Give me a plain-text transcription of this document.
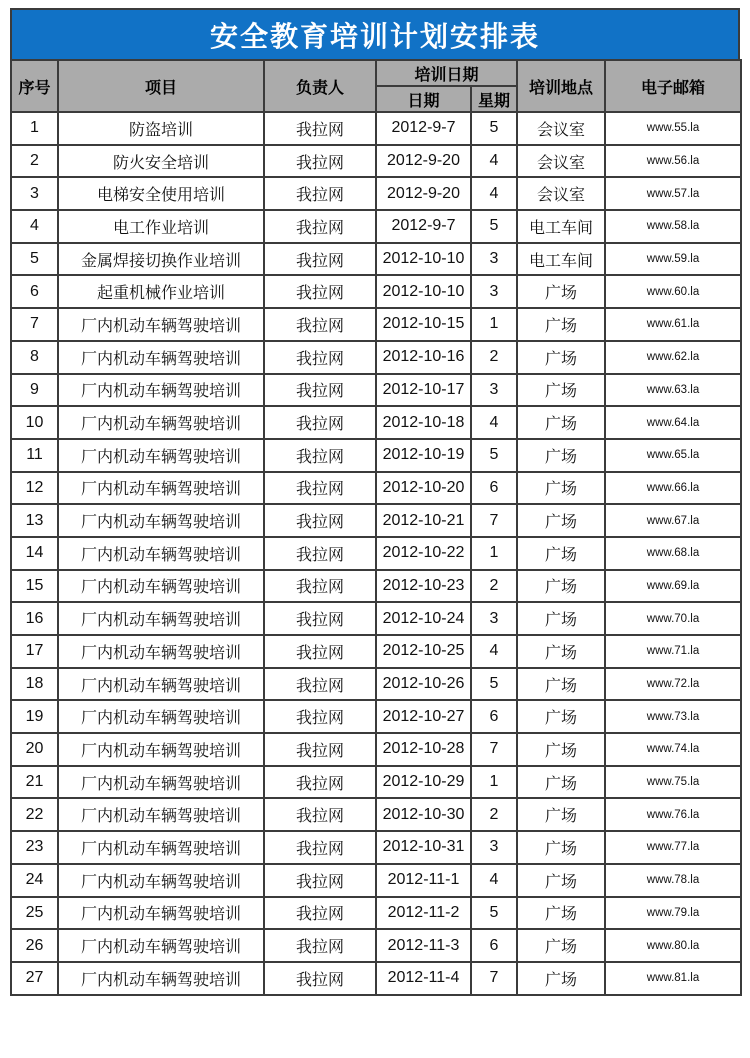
安全教育培训计划安排表
序号	项目	负责人	培训日期		培训地点	电子邮箱
			日期	星期		
1	防盗培训	我拉网	2012-9-7	5	会议室	www.55.la
2	防火安全培训	我拉网	2012-9-20	4	会议室	www.56.la
3	电梯安全使用培训	我拉网	2012-9-20	4	会议室	www.57.la
4	电工作业培训	我拉网	2012-9-7	5	电工车间	www.58.la
5	金属焊接切换作业培训	我拉网	2012-10-10	3	电工车间	www.59.la
6	起重机械作业培训	我拉网	2012-10-10	3	广场	www.60.la
7	厂内机动车辆驾驶培训	我拉网	2012-10-15	1	广场	www.61.la
8	厂内机动车辆驾驶培训	我拉网	2012-10-16	2	广场	www.62.la
9	厂内机动车辆驾驶培训	我拉网	2012-10-17	3	广场	www.63.la
10	厂内机动车辆驾驶培训	我拉网	2012-10-18	4	广场	www.64.la
11	厂内机动车辆驾驶培训	我拉网	2012-10-19	5	广场	www.65.la
12	厂内机动车辆驾驶培训	我拉网	2012-10-20	6	广场	www.66.la
13	厂内机动车辆驾驶培训	我拉网	2012-10-21	7	广场	www.67.la
14	厂内机动车辆驾驶培训	我拉网	2012-10-22	1	广场	www.68.la
15	厂内机动车辆驾驶培训	我拉网	2012-10-23	2	广场	www.69.la
16	厂内机动车辆驾驶培训	我拉网	2012-10-24	3	广场	www.70.la
17	厂内机动车辆驾驶培训	我拉网	2012-10-25	4	广场	www.71.la
18	厂内机动车辆驾驶培训	我拉网	2012-10-26	5	广场	www.72.la
19	厂内机动车辆驾驶培训	我拉网	2012-10-27	6	广场	www.73.la
20	厂内机动车辆驾驶培训	我拉网	2012-10-28	7	广场	www.74.la
21	厂内机动车辆驾驶培训	我拉网	2012-10-29	1	广场	www.75.la
22	厂内机动车辆驾驶培训	我拉网	2012-10-30	2	广场	www.76.la
23	厂内机动车辆驾驶培训	我拉网	2012-10-31	3	广场	www.77.la
24	厂内机动车辆驾驶培训	我拉网	2012-11-1	4	广场	www.78.la
25	厂内机动车辆驾驶培训	我拉网	2012-11-2	5	广场	www.79.la
26	厂内机动车辆驾驶培训	我拉网	2012-11-3	6	广场	www.80.la
27	厂内机动车辆驾驶培训	我拉网	2012-11-4	7	广场	www.81.la
